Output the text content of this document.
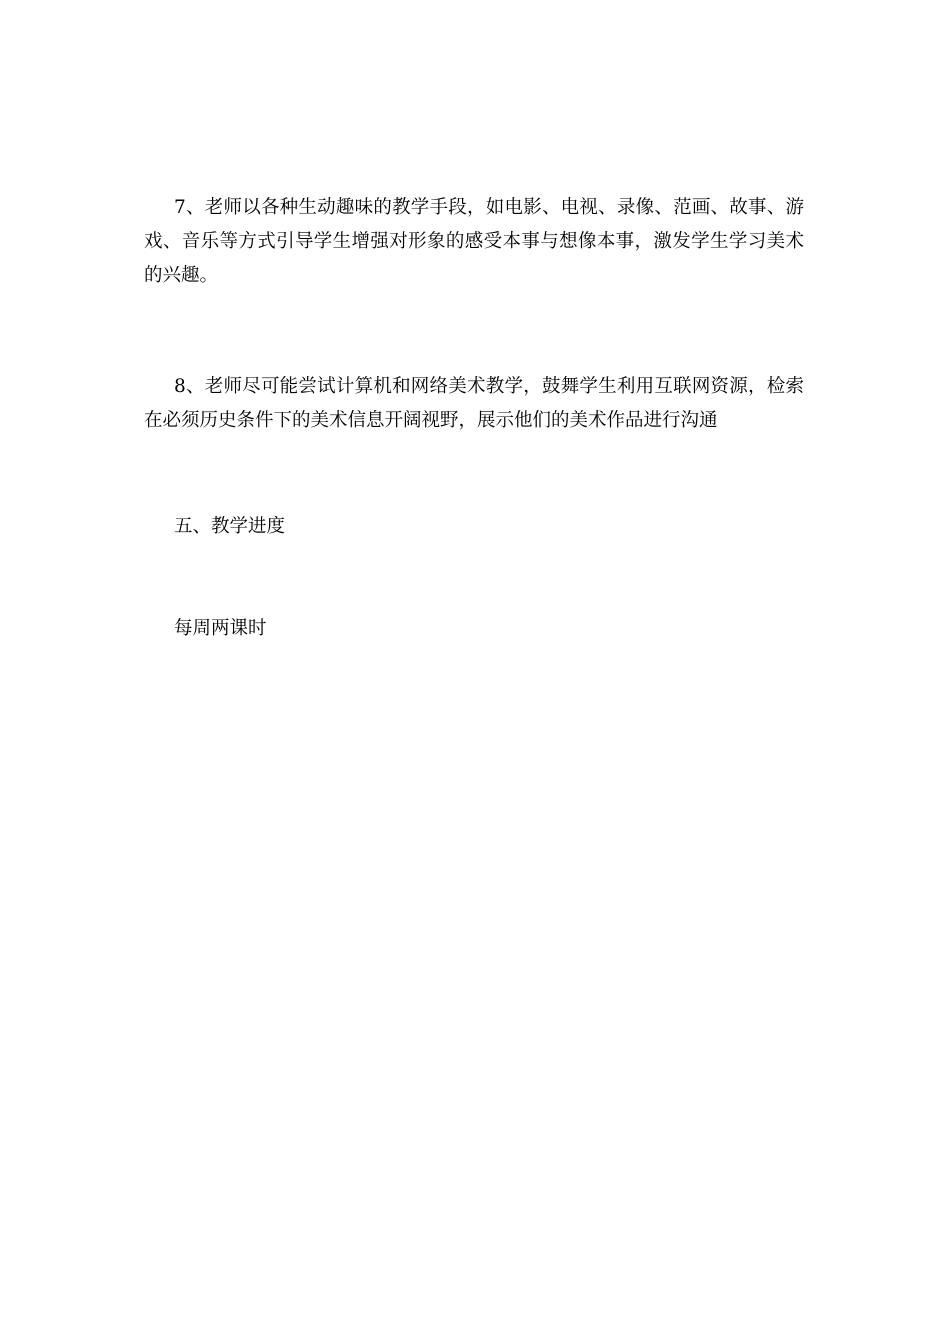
7、老师以各种生动趣味的教学手段，如电影、电视、录像、范画、故事、游戏、音乐等方式引导学生增强对形象的感受本事与想像本事，激发学生学习美术的兴趣。

8、老师尽可能尝试计算机和网络美术教学，鼓舞学生利用互联网资源，检索在必须历史条件下的美术信息开阔视野，展示他们的美术作品进行沟通

五、教学进度

每周两课时
